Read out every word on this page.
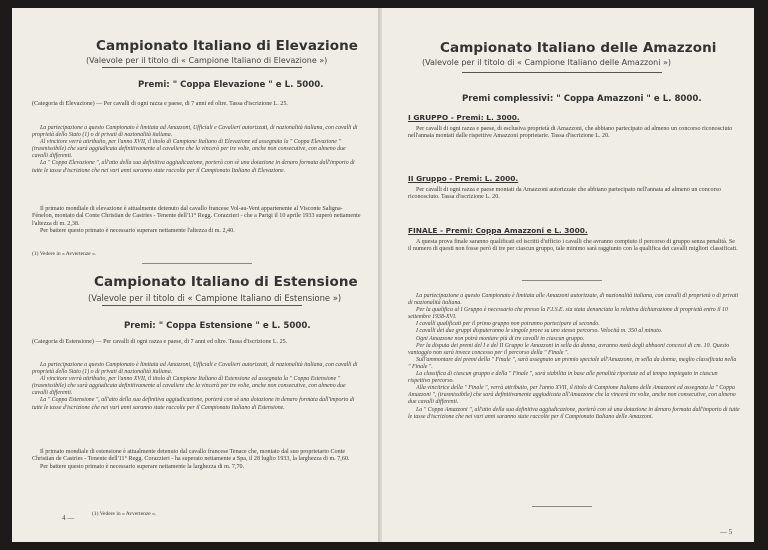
Campionato Italiano di Elevazione
(Valevole per il titolo di « Campione Italiano di Elevazione »)
Premi: " Coppa Elevazione " e L. 5000.
(Categoria di Elevazione) — Per cavalli di ogni razza e paese, di 7 anni ed oltre. Tassa d'iscrizione L. 25.

La partecipazione a questo Campionato è limitata ad Amazzoni, Ufficiali e Cavalieri autorizzati, di nazionalità italiana, con cavalli di proprietà dello Stato (1) o di privati di nazionalità italiana.

Al vincitore verrà attribuito, per l'anno XVII, il titolo di Campione Italiano di Elevazione ed assegnata la " Coppa Elevazione " (trasmissibile) che sarà aggiudicata definitivamente al cavaliere che la vincerà per tre volte, anche non consecutive, con almeno due cavalli differenti.

La " Coppa Elevazione ", all'atto della sua definitiva aggiudicazione, porterà con sè una dotazione in denaro formata dall'importo di tutte le tasse d'iscrizione che nei vari anni saranno state raccolte per il Campionato Italiano di Elevazione.

Il primato mondiale di elevazione è attualmente detenuto dal cavallo francese Vol-au-Vent appartenente al Visconte Saligna-Fénelon, montato dal Conte Christian de Castries - Tenente dell'11° Regg. Corazzieri - che a Parigi il 10 aprile 1933 superò nettamente l'altezza di m. 2,38.

Per battere questo primato è necessario superare nettamente l'altezza di m. 2,40.

(1) Vedere in « Avvertenze ».
Campionato Italiano di Estensione
(Valevole per il titolo di « Campione Italiano di Estensione »)
Premi: " Coppa Estensione " e L. 5000.
(Categoria di Estensione) — Per cavalli di ogni razza e paese, di 7 anni ed oltre. Tassa d'iscrizione L. 25.

La partecipazione a questo Campionato è limitata ad Amazzoni, Ufficiali e Cavalieri autorizzati, di nazionalità italiana, con cavalli di proprietà dello Stato (1) o di privati di nazionalità italiana.

Al vincitore verrà attribuito, per l'anno XVII, il titolo di Campione Italiano di Estensione ed assegnata la " Coppa Estensione " (trasmissibile) che sarà aggiudicata definitivamente al cavaliere che la vincerà per tre volte, anche non consecutive, con almeno due cavalli differenti.

La " Coppa Estensione ", all'atto della sua definitiva aggiudicazione, porterà con sè una dotazione in denaro formata dall'importo di tutte le tasse d'iscrizione che nei vari anni saranno state raccolte per il Campionato Italiano di Estensione.

Il primato mondiale di estensione è attualmente detenuto dal cavallo francese Tenace che, montato dal suo proprietario Conte Christian de Castries - Tenente dell'11° Regg. Corazzieri - ha superato nettamente a Spa, il 28 luglio 1933, la larghezza di m. 7,60.

Per battere questo primato è necessario superare nettamente la larghezza di m. 7,70.

(1) Vedere in « Avvertenze ».
4 —
Campionato Italiano delle Amazzoni
(Valevole per il titolo di « Campione Italiano delle Amazzoni »)
Premi complessivi: " Coppa Amazzoni " e L. 8000.
I GRUPPO - Premi: L. 3000.
Per cavalli di ogni razza e paese, di esclusiva proprietà di Amazzoni, che abbiano partecipato ad almeno un concorso riconosciuto nell'annata montati dalle rispettive Amazzoni proprietarie. Tassa d'iscrizione L. 20.
II Gruppo - Premi: L. 2000.
Per cavalli di ogni razza e paese montati da Amazzoni autorizzate che abbiano partecipato nell'annata ad almeno un concorso riconosciuto. Tassa d'iscrizione L. 20.
FINALE - Premi: Coppa Amazzoni e L. 3000.
A questa prova finale saranno qualificati ed iscritti d'ufficio i cavalli che avranno compiuto il percorso di gruppo senza penalità. Se il numero di questi non fosse però di tre per ciascun gruppo, tale minimo sarà raggiunto con la qualifica dei cavalli migliori classificati.

La partecipazione a questo Campionato è limitata alle Amazzoni autorizzate, di nazionalità italiana, con cavalli di proprietà o di privati di nazionalità italiana.

Per la qualifica al I Gruppo è necessario che presso la F.I.S.E. sia stata denunciata la relativa dichiarazione di proprietà entro il 10 settembre 1938-XVI.

I cavalli qualificati per il primo gruppo non potranno partecipare al secondo.

I cavalli dei due gruppi disputeranno le singole prove su uno stesso percorso. Velocità m. 350 al minuto.

Ogni Amazzone non potrà montare più di tre cavalli in ciascun gruppo.

Per la disputa dei premi del I e del II Gruppo le Amazzoni in sella da donna, avranno metà degli abbuoni concessi di cm. 10. Questo vantaggio non sarà invece concesso per il percorso della " Finale ".

Sull'ammontare dei premi della " Finale ", sarà assegnato un premio speciale all'Amazzone, in sella da donna, meglio classificata nella " Finale ".

La classifica di ciascun gruppo e della " Finale ", sarà stabilita in base alle penalità riportate ed al tempo impiegato in ciascun rispettivo percorso.

Alla vincitrice della " Finale ", verrà attribuito, per l'anno XVII, il titolo di Campione Italiano delle Amazzoni ed assegnata la " Coppa Amazzoni ", (trasmissibile) che sarà definitivamente aggiudicata all'Amazzone che la vincerà tre volte, anche non consecutive, con almeno due cavalli differenti.

La " Coppa Amazzoni ", all'atto della sua definitiva aggiudicazione, porterà con sè una dotazione in denaro formata dall'importo di tutte le tasse d'iscrizione che nei vari anni saranno state raccolte per il Campionato Italiano delle Amazzoni.

— 5
